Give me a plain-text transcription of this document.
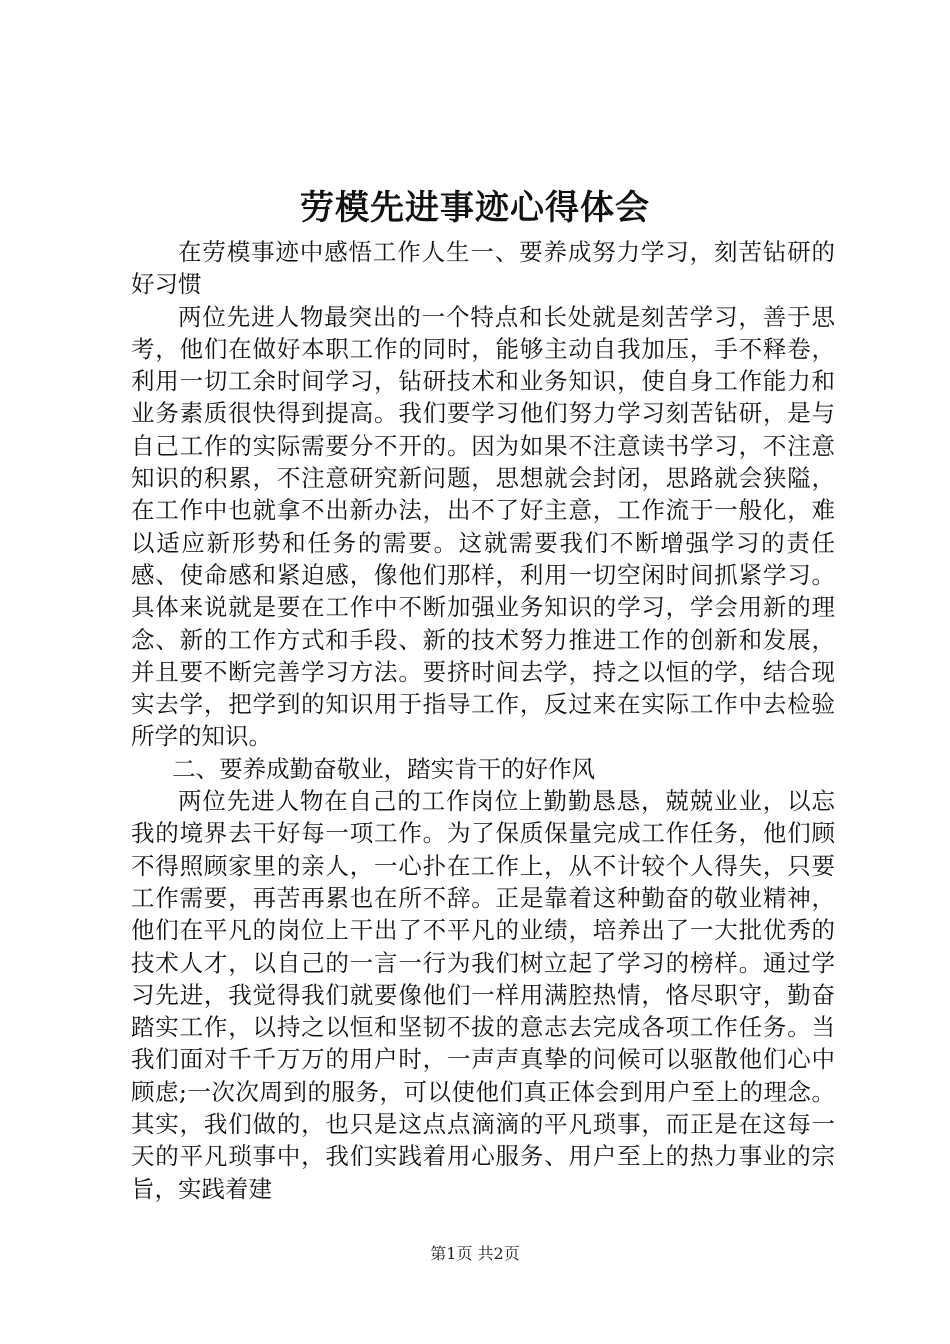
劳模先进事迹心得体会

在劳模事迹中感悟工作人生一、要养成努力学习，刻苦钻研的好习惯

两位先进人物最突出的一个特点和长处就是刻苦学习，善于思考，他们在做好本职工作的同时，能够主动自我加压，手不释卷，利用一切工余时间学习，钻研技术和业务知识，使自身工作能力和业务素质很快得到提高。我们要学习他们努力学习刻苦钻研，是与自己工作的实际需要分不开的。因为如果不注意读书学习，不注意知识的积累，不注意研究新问题，思想就会封闭，思路就会狭隘，在工作中也就拿不出新办法，出不了好主意，工作流于一般化，难以适应新形势和任务的需要。这就需要我们不断增强学习的责任感、使命感和紧迫感，像他们那样，利用一切空闲时间抓紧学习。具体来说就是要在工作中不断加强业务知识的学习，学会用新的理念、新的工作方式和手段、新的技术努力推进工作的创新和发展，并且要不断完善学习方法。要挤时间去学，持之以恒的学，结合现实去学，把学到的知识用于指导工作，反过来在实际工作中去检验所学的知识。

二、要养成勤奋敬业，踏实肯干的好作风

两位先进人物在自己的工作岗位上勤勤恳恳，兢兢业业，以忘我的境界去干好每一项工作。为了保质保量完成工作任务，他们顾不得照顾家里的亲人，一心扑在工作上，从不计较个人得失，只要工作需要，再苦再累也在所不辞。正是靠着这种勤奋的敬业精神，他们在平凡的岗位上干出了不平凡的业绩，培养出了一大批优秀的技术人才，以自己的一言一行为我们树立起了学习的榜样。通过学习先进，我觉得我们就要像他们一样用满腔热情，恪尽职守，勤奋踏实工作，以持之以恒和坚韧不拔的意志去完成各项工作任务。当我们面对千千万万的用户时，一声声真挚的问候可以驱散他们心中顾虑;一次次周到的服务，可以使他们真正体会到用户至上的理念。其实，我们做的，也只是这点点滴滴的平凡琐事，而正是在这每一天的平凡琐事中，我们实践着用心服务、用户至上的热力事业的宗旨，实践着建

第1页 共2页
